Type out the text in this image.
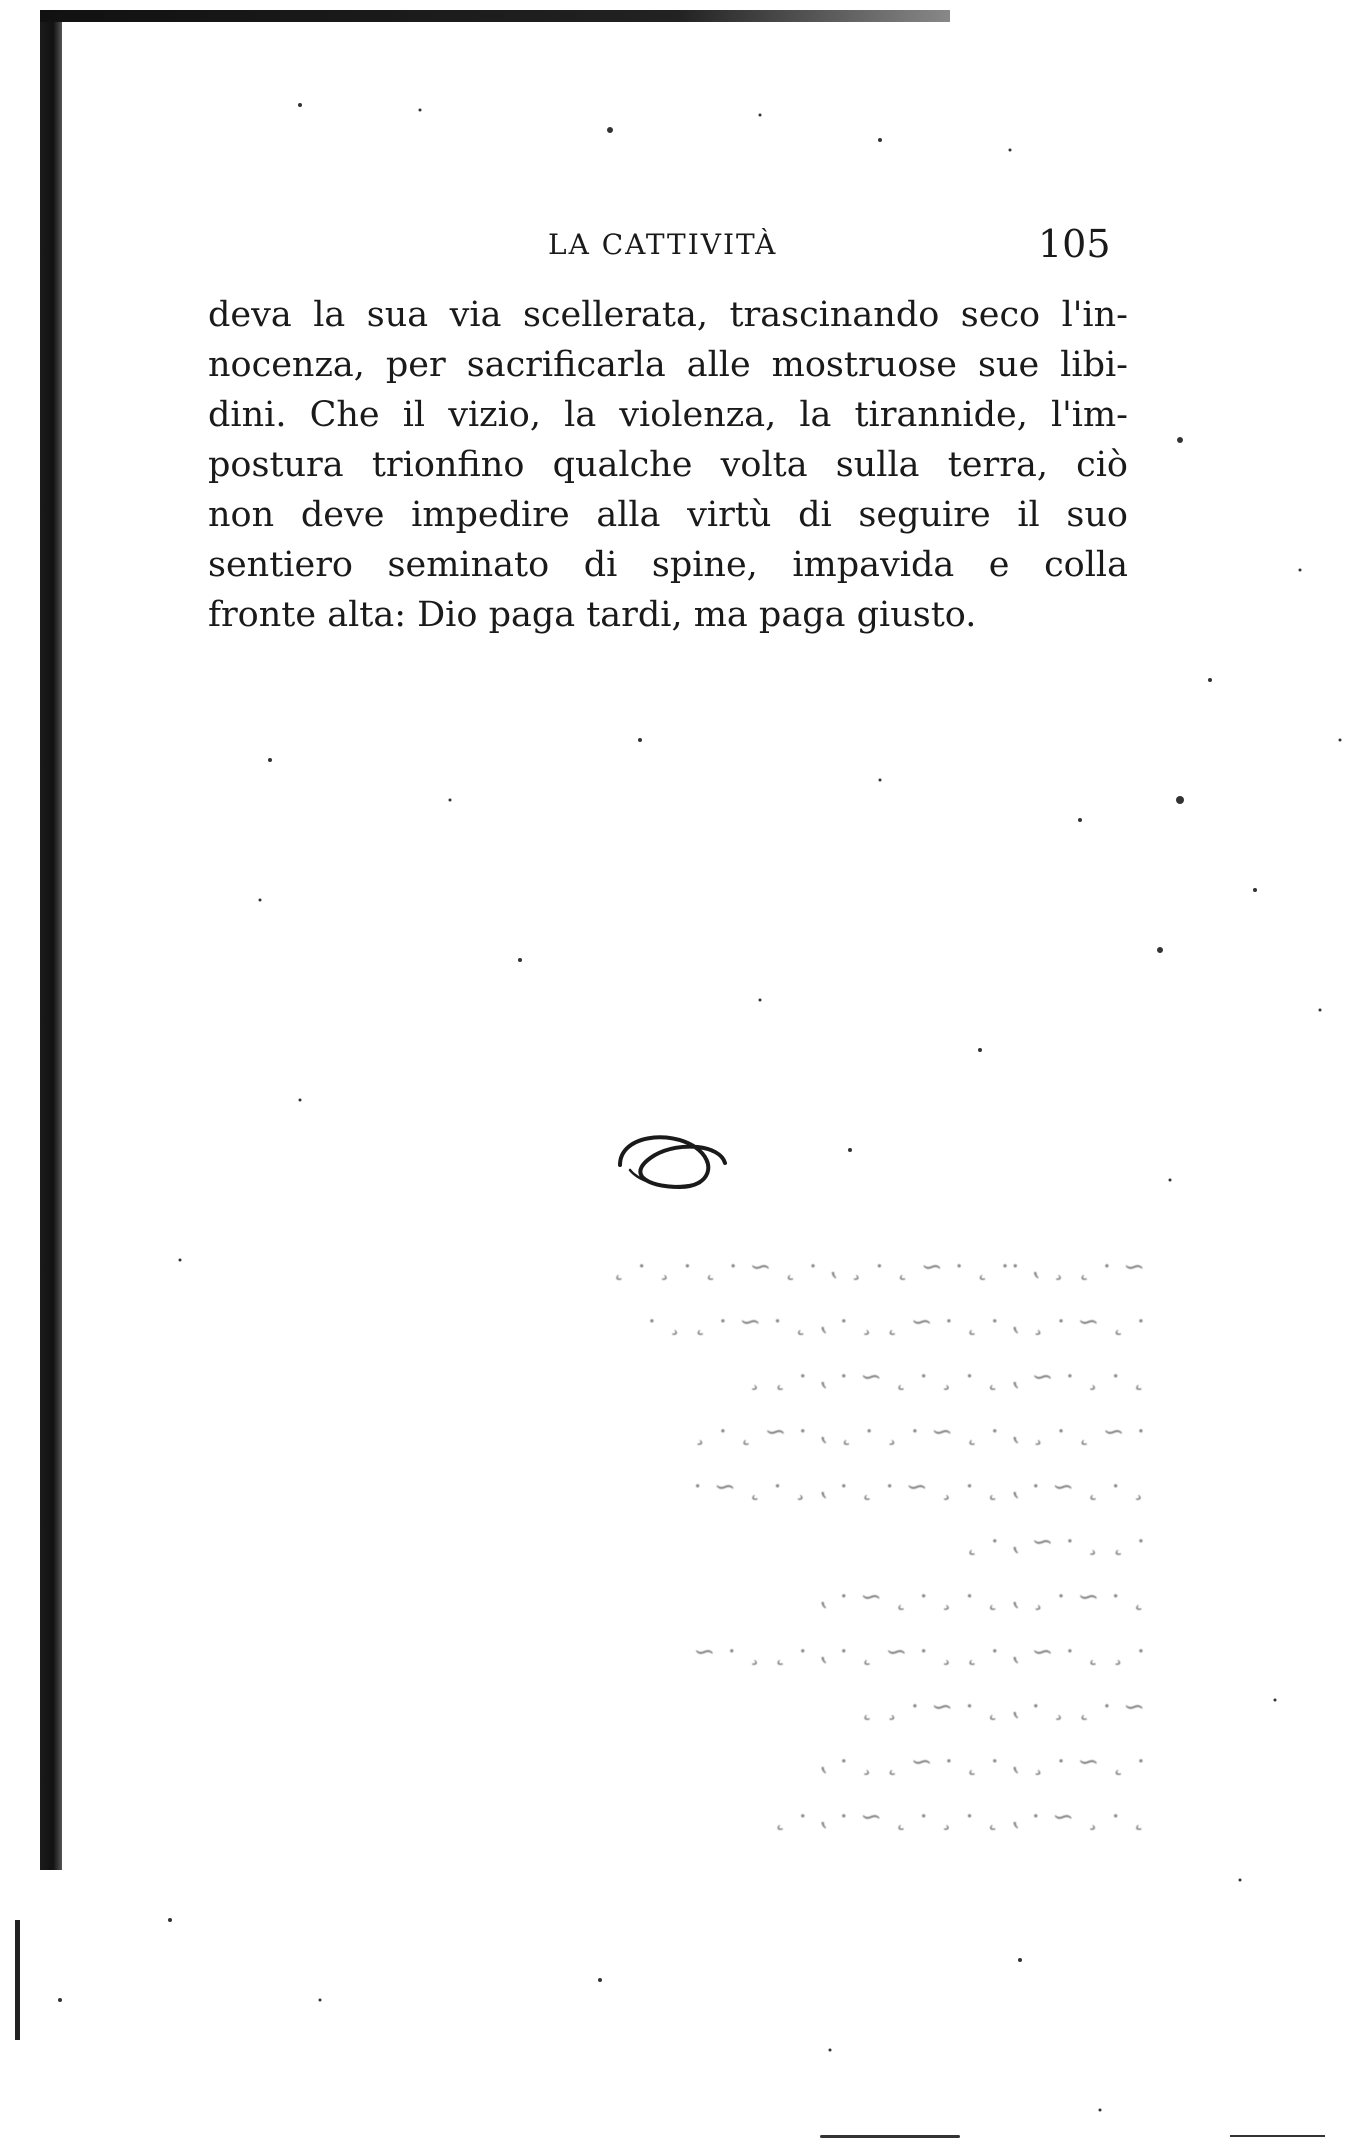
LA CATTIVITÀ	105
deva la sua via scellerata, trascinando seco l'in-
nocenza, per sacrificarla alle mostruose sue libi-
dini. Che il vizio, la violenza, la tirannide, l'im-
postura trionfino qualche volta sulla terra, ciò
non deve impedire alla virtù di seguire il suo
sentiero seminato di spine, impavida e colla
fronte alta: Dio paga tardi, ma paga giusto.
~ · ¸ ˛ ‚ ·· ¸ · ~ ¸ · ˛ ‚ · ¸ ~ · ¸ · ˛ · ¸
· ¸ ~ · ˛ ‚ · ¸ · ~ ¸ ˛ · ‚ ¸ · ~ · ¸ ˛ ·
¸ · ˛ · ~ ‚ ¸ · ˛ · ¸ ~ · ‚ · ¸ ˛
· ~ ¸ · ˛ ‚ · ¸ ~ · ˛ · ¸ ‚ · ~ ¸ · ˛
˛ · ¸ ~ · ‚ ¸ · ˛ ~ · ¸ · ‚ ˛ · ¸ ~ ·
· ¸ ˛ · ~ ‚ · ¸
¸ · ~ · ˛ ‚ ¸ · ˛ · ¸ ~ · ‚
· ˛ ¸ · ~ ‚ · ¸ ˛ · ~ ¸ · ‚ · ¸ ˛ · ~
~ · ¸ ˛ · ‚ ¸ · ~ · ˛ ¸
· ¸ ~ · ˛ ‚ · ¸ · ~ ¸ ˛ · ‚
¸ · ˛ ~ · ‚ ¸ · ˛ · ¸ ~ · ‚ · ¸
